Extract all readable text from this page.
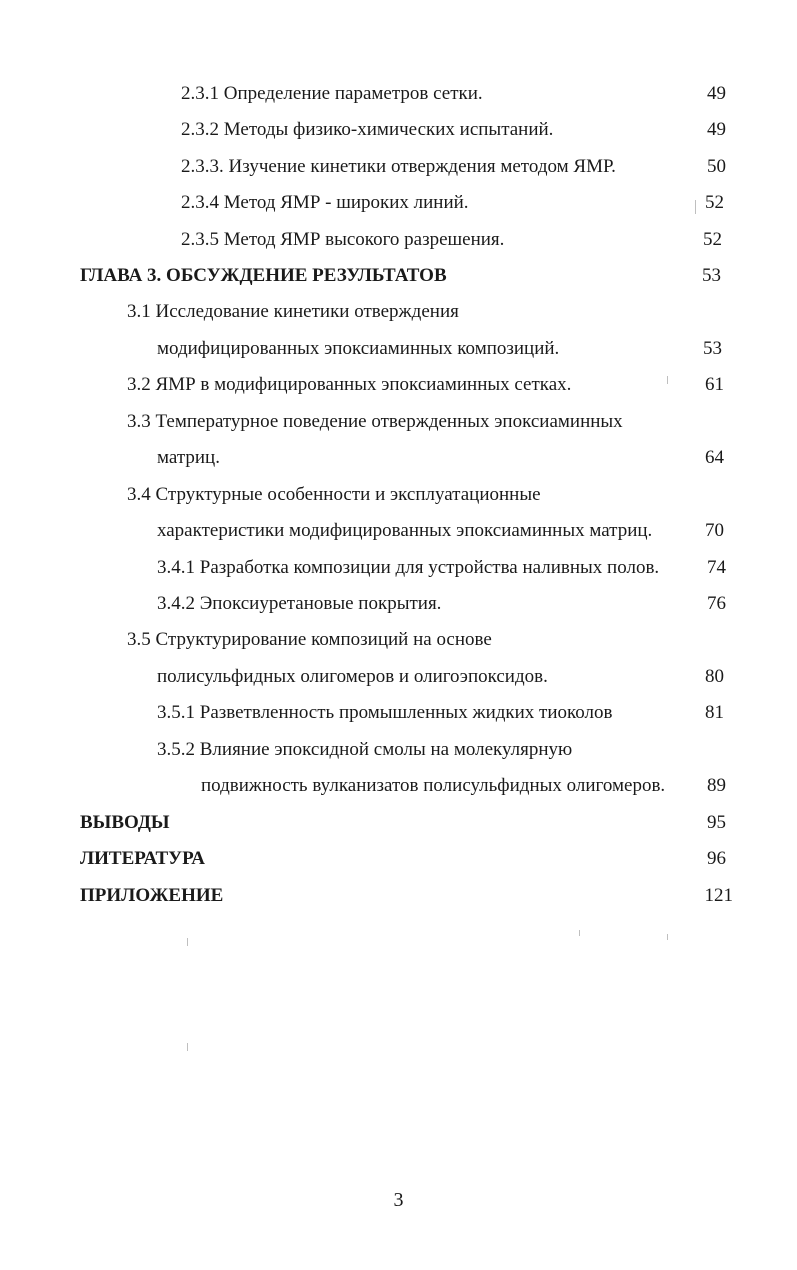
2.3.1 Определение параметров сетки.	49
2.3.2 Методы физико-химических испытаний.	49
2.3.3. Изучение кинетики отверждения методом ЯМР.	50
2.3.4 Метод ЯМР - широких линий.	52
2.3.5 Метод ЯМР высокого разрешения.	52
ГЛАВА 3. ОБСУЖДЕНИЕ РЕЗУЛЬТАТОВ	53
3.1 Исследование кинетики отверждения
модифицированных эпоксиаминных композиций.	53
3.2 ЯМР в модифицированных эпоксиаминных сетках.	61
3.3 Температурное поведение отвержденных эпоксиаминных
матриц.	64
3.4 Структурные особенности и эксплуатационные
характеристики модифицированных эпоксиаминных матриц.	70
3.4.1 Разработка композиции для устройства наливных полов.	74
3.4.2 Эпоксиуретановые покрытия.	76
3.5 Структурирование композиций на основе
полисульфидных олигомеров и олигоэпоксидов.	80
3.5.1 Разветвленность промышленных жидких тиоколов	81
3.5.2 Влияние эпоксидной смолы на молекулярную
подвижность вулканизатов полисульфидных олигомеров.	89
ВЫВОДЫ	95
ЛИТЕРАТУРА	96
ПРИЛОЖЕНИЕ	121
3
